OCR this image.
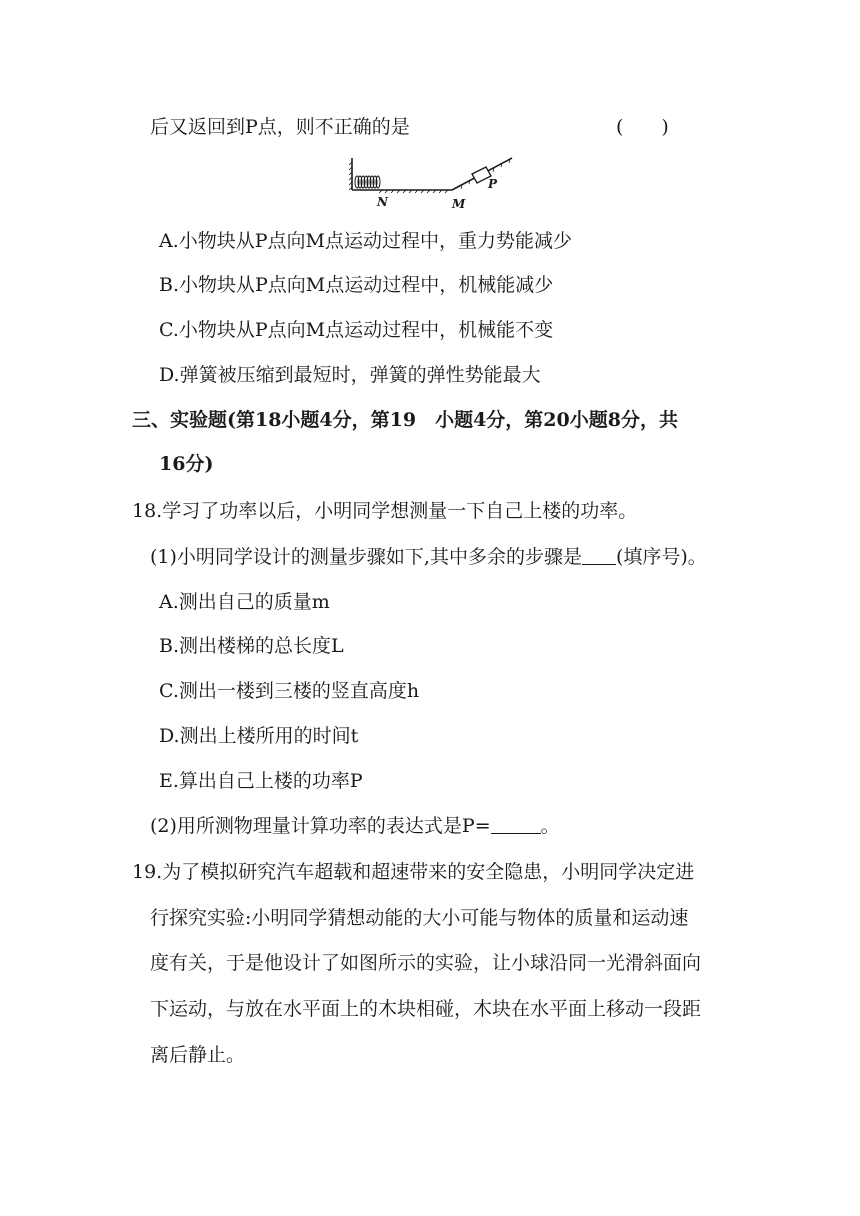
后又返回到P点，则不正确的是	(　　)
N	M
P
A.小物块从P点向M点运动过程中，重力势能减少
B.小物块从P点向M点运动过程中，机械能减少
C.小物块从P点向M点运动过程中，机械能不变
D.弹簧被压缩到最短时，弹簧的弹性势能最大
三、实验题(第18小题4分，第19　小题4分，第20小题8分，共
16分)
18.学习了功率以后，小明同学想测量一下自己上楼的功率。
(1)小明同学设计的测量步骤如下,其中多余的步骤是 (填序号)。
A.测出自己的质量m
B.测出楼梯的总长度L
C.测出一楼到三楼的竖直高度h
D.测出上楼所用的时间t
E.算出自己上楼的功率P
(2)用所测物理量计算功率的表达式是P=	。
19.为了模拟研究汽车超载和超速带来的安全隐患，小明同学决定进
行探究实验:小明同学猜想动能的大小可能与物体的质量和运动速
度有关，于是他设计了如图所示的实验，让小球沿同一光滑斜面向
下运动，与放在水平面上的木块相碰，木块在水平面上移动一段距
离后静止。
